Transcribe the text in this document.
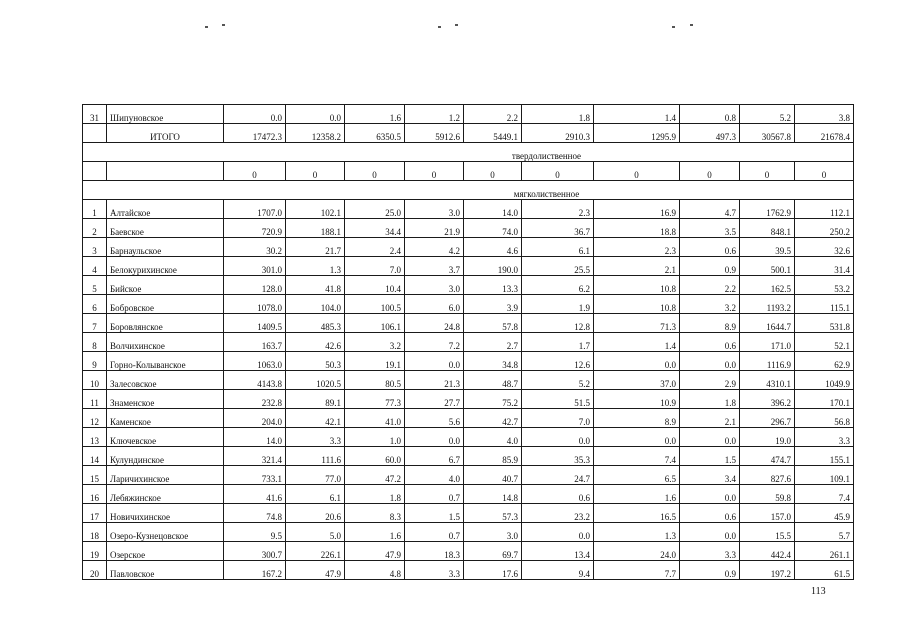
31	Шипуновское	0.0	0.0	1.6	1.2	2.2	1.8	1.4	0.8	5.2	3.8
	ИТОГО	17472.3	12358.2	6350.5	5912.6	5449.1	2910.3	1295.9	497.3	30567.8	21678.4
твердолиственное											
		0	0	0	0	0	0	0	0	0	0
мягколиственное											
1	Алтайское	1707.0	102.1	25.0	3.0	14.0	2.3	16.9	4.7	1762.9	112.1
2	Баевское	720.9	188.1	34.4	21.9	74.0	36.7	18.8	3.5	848.1	250.2
3	Барнаульское	30.2	21.7	2.4	4.2	4.6	6.1	2.3	0.6	39.5	32.6
4	Белокурихинское	301.0	1.3	7.0	3.7	190.0	25.5	2.1	0.9	500.1	31.4
5	Бийское	128.0	41.8	10.4	3.0	13.3	6.2	10.8	2.2	162.5	53.2
6	Бобровское	1078.0	104.0	100.5	6.0	3.9	1.9	10.8	3.2	1193.2	115.1
7	Боровлянское	1409.5	485.3	106.1	24.8	57.8	12.8	71.3	8.9	1644.7	531.8
8	Волчихинское	163.7	42.6	3.2	7.2	2.7	1.7	1.4	0.6	171.0	52.1
9	Горно-Колыванское	1063.0	50.3	19.1	0.0	34.8	12.6	0.0	0.0	1116.9	62.9
10	Залесовское	4143.8	1020.5	80.5	21.3	48.7	5.2	37.0	2.9	4310.1	1049.9
11	Знаменское	232.8	89.1	77.3	27.7	75.2	51.5	10.9	1.8	396.2	170.1
12	Каменское	204.0	42.1	41.0	5.6	42.7	7.0	8.9	2.1	296.7	56.8
13	Ключевское	14.0	3.3	1.0	0.0	4.0	0.0	0.0	0.0	19.0	3.3
14	Кулундинское	321.4	111.6	60.0	6.7	85.9	35.3	7.4	1.5	474.7	155.1
15	Ларичихинское	733.1	77.0	47.2	4.0	40.7	24.7	6.5	3.4	827.6	109.1
16	Лебяжинское	41.6	6.1	1.8	0.7	14.8	0.6	1.6	0.0	59.8	7.4
17	Новичихинское	74.8	20.6	8.3	1.5	57.3	23.2	16.5	0.6	157.0	45.9
18	Озеро-Кузнецовское	9.5	5.0	1.6	0.7	3.0	0.0	1.3	0.0	15.5	5.7
19	Озерское	300.7	226.1	47.9	18.3	69.7	13.4	24.0	3.3	442.4	261.1
20	Павловское	167.2	47.9	4.8	3.3	17.6	9.4	7.7	0.9	197.2	61.5
113
